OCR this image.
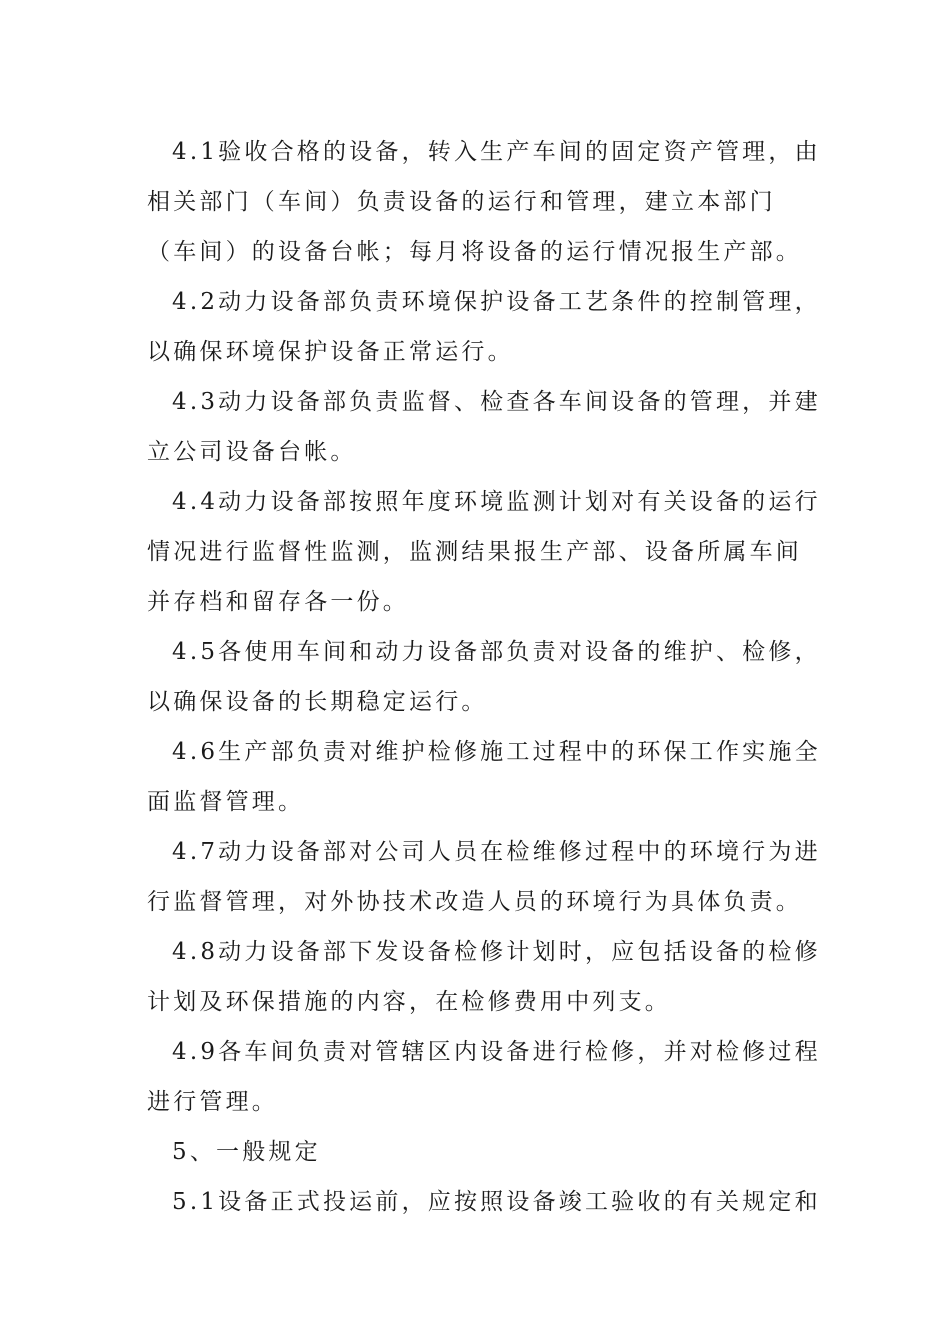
4.1验收合格的设备，转入生产车间的固定资产管理，由
相关部门（车间）负责设备的运行和管理，建立本部门
（车间）的设备台帐；每月将设备的运行情况报生产部。
4.2动力设备部负责环境保护设备工艺条件的控制管理，
以确保环境保护设备正常运行。
4.3动力设备部负责监督、检查各车间设备的管理，并建
立公司设备台帐。
4.4动力设备部按照年度环境监测计划对有关设备的运行
情况进行监督性监测，监测结果报生产部、设备所属车间
并存档和留存各一份。
4.5各使用车间和动力设备部负责对设备的维护、检修，
以确保设备的长期稳定运行。
4.6生产部负责对维护检修施工过程中的环保工作实施全
面监督管理。
4.7动力设备部对公司人员在检维修过程中的环境行为进
行监督管理，对外协技术改造人员的环境行为具体负责。
4.8动力设备部下发设备检修计划时，应包括设备的检修
计划及环保措施的内容，在检修费用中列支。
4.9各车间负责对管辖区内设备进行检修，并对检修过程
进行管理。
5、一般规定
5.1设备正式投运前，应按照设备竣工验收的有关规定和
